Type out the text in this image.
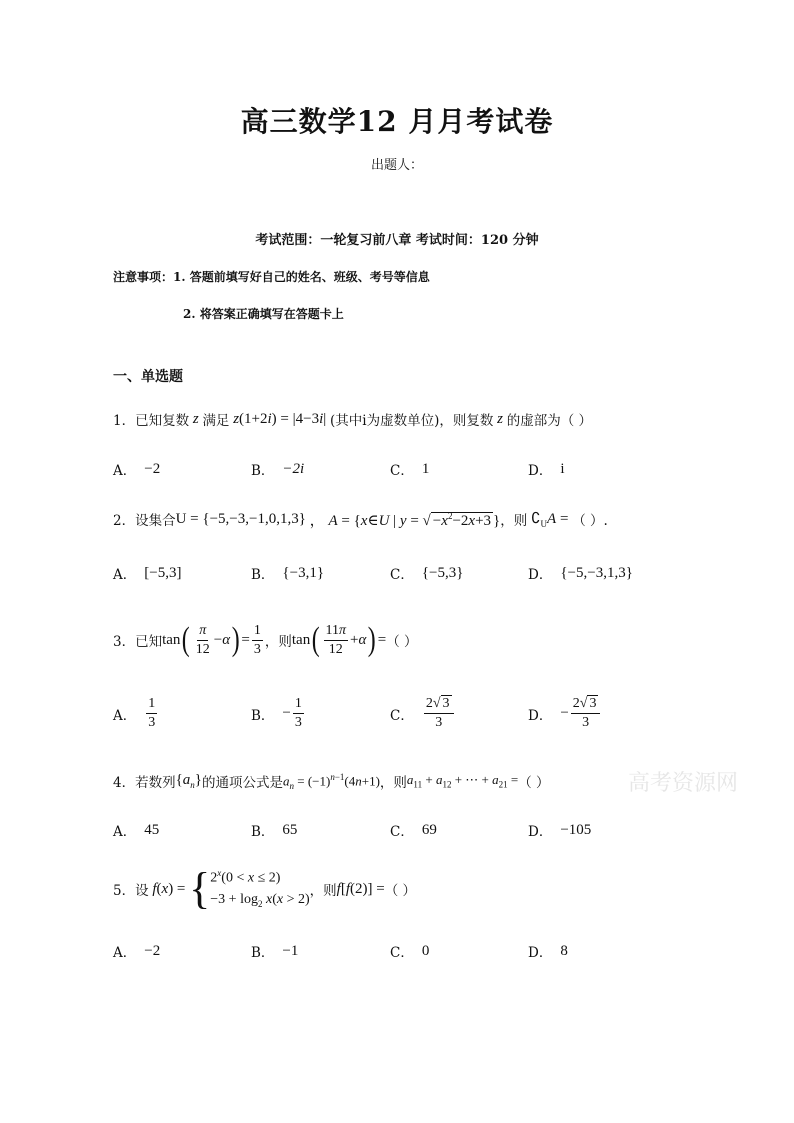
高三数学12 月月考试卷
出题人：
考试范围：一轮复习前八章 考试时间：120 分钟
注意事项：1. 答题前填写好自己的姓名、班级、考号等信息
2. 将答案正确填写在答题卡上
一、单选题
1． 已知复数 z 满足 z(1+2i) = |4−3i| (其中i为虚数单位)，则复数 z 的虚部为（ ）
A． −2	B． −2i	C． 1	D． i
2． 设集合 U = {−5,−3,−1,0,1,3} ， A = {x∈U | y = √ $-x^2-2x+3$ } ，则 $∁_UA$ = （ ）.
A． [−5,3]	B． {−3,1}	C． {−5,3}	D． {−5,−3,1,3}
3． 已知 tan ( $\frac{\pi}{12} - \alpha$ ) = $\frac{1}{3}$ ，则 tan ( $\frac{11\pi}{12} + \alpha$ ) = （ ）
A． $\frac{1}{3}$	B． − $\frac{1}{3}$	C． $\frac{2√ 3}{3}$	D． − $\frac{2√ 3}{3}$
4． 若数列 $\{a_n\}$ 的通项公式是 $a_n = (-1)^{n-1}(4n+1)$ ，则 $a_{11} + a_{12}$ + ⋯ + $a_{21}$ = （ ）	高考资源网
A． 45	B． 65	C． 69	D． −105
5． 设
f ( x ) = { $2^x(0 < x \le 2)$
$-3 + \log_2 x(x > 2)$
，则 f[f(2)] = （ ）
A． −2	B． −1	C． 0	D． 8
